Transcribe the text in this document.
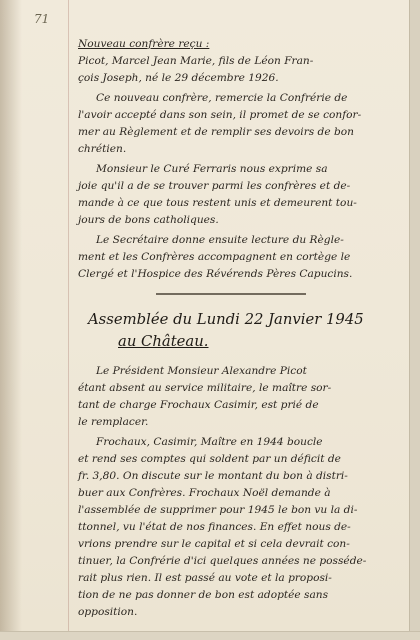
71
Nouveau confrère reçu :
Picot, Marcel Jean Marie, fils de Léon Fran-
çois Joseph, né le 29 décembre 1926.
Ce nouveau confrère, remercie la Confrérie de
l'avoir accepté dans son sein, il promet de se confor-
mer au Règlement et de remplir ses devoirs de bon
chrétien.
Monsieur le Curé Ferraris nous exprime sa
joie qu'il a de se trouver parmi les confrères et de-
mande à ce que tous restent unis et demeurent tou-
jours de bons catholiques.
Le Secrétaire donne ensuite lecture du Règle-
ment et les Confrères accompagnent en cortège le
Clergé et l'Hospice des Révérends Pères Capucins.
Assemblée du Lundi 22 Janvier 1945
au Château.
Le Président Monsieur Alexandre Picot
étant absent au service militaire, le maître sor-
tant de charge Frochaux Casimir, est prié de
le remplacer.
Frochaux, Casimir, Maître en 1944 boucle
et rend ses comptes qui soldent par un déficit de
fr. 3,80. On discute sur le montant du bon à distri-
buer aux Confrères. Frochaux Noël demande à
l'assemblée de supprimer pour 1945 le bon vu la di-
ttonnel, vu l'état de nos finances. En effet nous de-
vrions prendre sur le capital et si cela devrait con-
tinuer, la Confrérie d'ici quelques années ne posséde-
rait plus rien. Il est passé au vote et la proposi-
tion de ne pas donner de bon est adoptée sans
opposition.
